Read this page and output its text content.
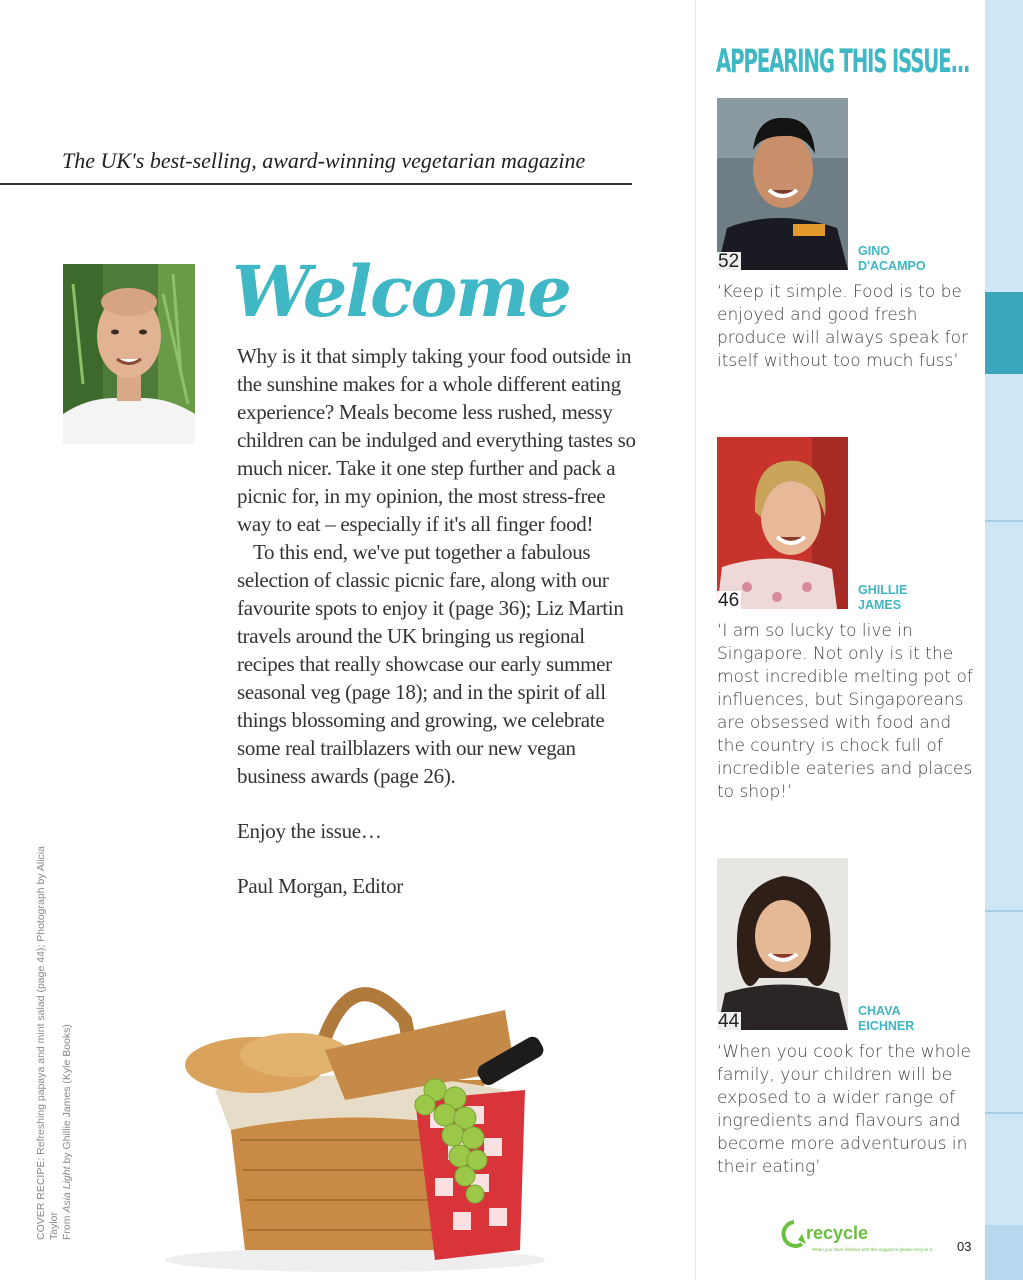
The UK's best-selling, award-winning vegetarian magazine
Welcome

Why is it that simply taking your food outside in the sunshine makes for a whole different eating experience? Meals become less rushed, messy children can be indulged and everything tastes so much nicer. Take it one step further and pack a picnic for, in my opinion, the most stress-free way to eat – especially if it's all finger food!

To this end, we've put together a fabulous selection of classic picnic fare, along with our favourite spots to enjoy it (page 36); Liz Martin travels around the UK bringing us regional recipes that really showcase our early summer seasonal veg (page 18); and in the spirit of all things blossoming and growing, we celebrate some real trailblazers with our new vegan business awards (page 26).

Enjoy the issue…

Paul Morgan, Editor

COVER RECIPE: Refreshing papaya and mint salad (page 44); Photograph by Alicia Taylor From Asia Light by Ghillie James (Kyle Books)
APPEARING THIS ISSUE...
52	GINO
D'ACAMPO
‘Keep it simple. Food is to be enjoyed and good fresh produce will always speak for itself without too much fuss’
46	GHILLIE
JAMES
‘I am so lucky to live in Singapore. Not only is it the most incredible melting pot of influences, but Singaporeans are obsessed with food and the country is chock full of incredible eateries and places to shop!’
44	CHAVA
EICHNER
‘When you cook for the whole family, your children will be exposed to a wider range of ingredients and flavours and become more adventurous in their eating’
recycle
When you have finished with this magazine please recycle it. 03
